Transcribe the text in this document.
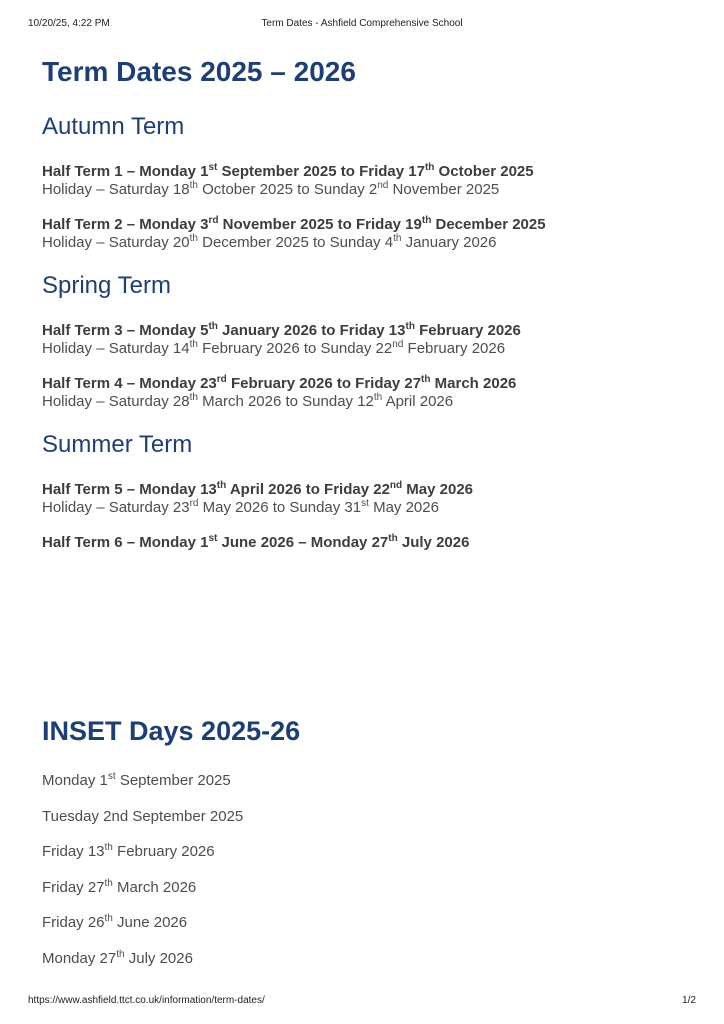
10/20/25, 4:22 PM	Term Dates - Ashfield Comprehensive School
Term Dates 2025 – 2026
Autumn Term
Half Term 1 – Monday 1st September 2025 to Friday 17th October 2025
Holiday – Saturday 18th October 2025 to Sunday 2nd November 2025
Half Term 2 – Monday 3rd November 2025 to Friday 19th December 2025
Holiday – Saturday 20th December 2025 to Sunday 4th January 2026
Spring Term
Half Term 3 – Monday 5th January 2026 to Friday 13th February 2026
Holiday – Saturday 14th February 2026 to Sunday 22nd February 2026
Half Term 4 – Monday 23rd February 2026 to Friday 27th March 2026
Holiday – Saturday 28th March 2026 to Sunday 12th April 2026
Summer Term
Half Term 5 – Monday 13th April 2026 to Friday 22nd May 2026
Holiday – Saturday 23rd May 2026 to Sunday 31st May 2026
Half Term 6 – Monday 1st June 2026 – Monday 27th July 2026
INSET Days 2025-26
Monday 1st September 2025
Tuesday 2nd September 2025
Friday 13th February 2026
Friday 27th March 2026
Friday 26th June 2026
Monday 27th July 2026
https://www.ashfield.ttct.co.uk/information/term-dates/	1/2
